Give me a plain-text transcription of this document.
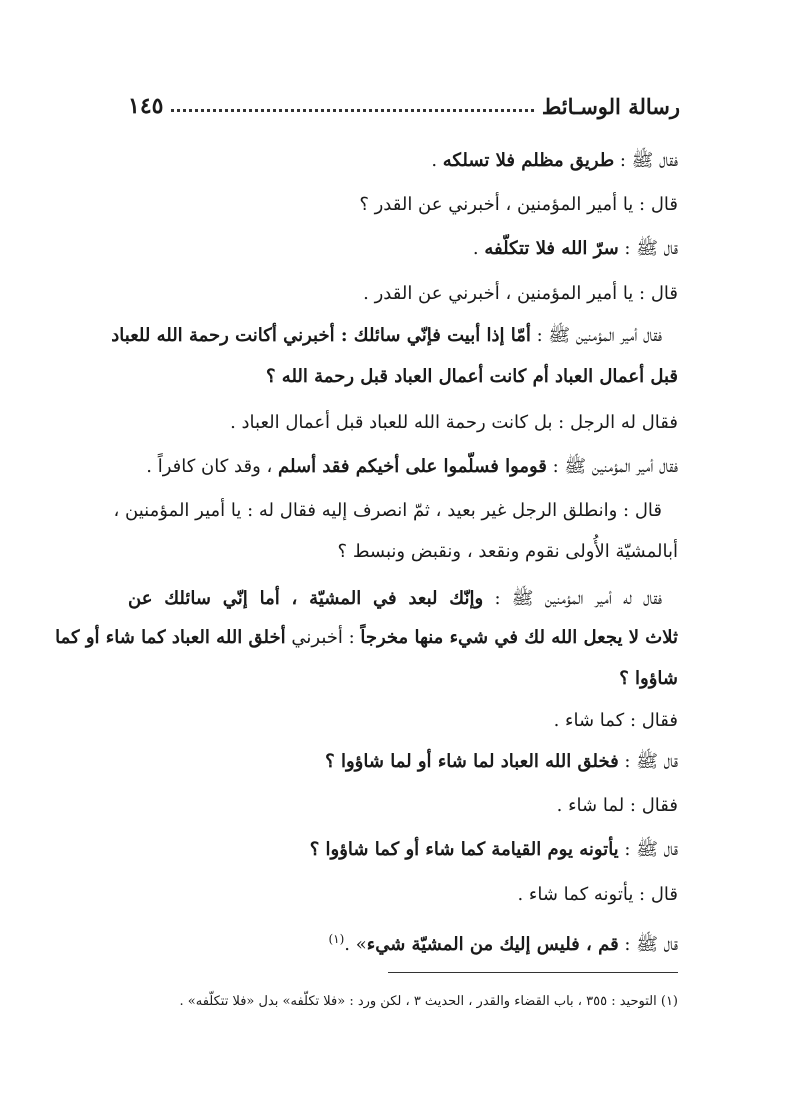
رسالة الوسـائط
١٤٥
فقال ﷺ : طريق مظلم فلا تسلكه .
قال : يا أمير المؤمنين ، أخبرني عن القدر ؟
قال ﷺ : سرّ الله فلا تتكلّفه .
قال : يا أمير المؤمنين ، أخبرني عن القدر .
فقال أمير المؤمنين ﷺ : أمّا إذا أبيت فإنّي سائلك : أخبرني أكانت رحمة الله للعباد
قبل أعمال العباد أم كانت أعمال العباد قبل رحمة الله ؟
فقال له الرجل : بل كانت رحمة الله للعباد قبل أعمال العباد .
فقال أمير المؤمنين ﷺ : قوموا فسلّموا على أخيكم فقد أسلم ، وقد كان كافراً .
قال : وانطلق الرجل غير بعيد ، ثمّ انصرف إليه فقال له : يا أمير المؤمنين ،
أبالمشيّة الأُولى نقوم ونقعد ، ونقبض ونبسط ؟
فقال له أمير المؤمنين ﷺ : وإنّك لبعد في المشيّة ، أما إنّي سائلك عن
ثلاث لا يجعل الله لك في شيء منها مخرجاً : أخبرني أخلق الله العباد كما شاء أو كما
شاؤوا ؟
فقال : كما شاء .
قال ﷺ : فخلق الله العباد لما شاء أو لما شاؤوا ؟
فقال : لما شاء .
قال ﷺ : يأتونه يوم القيامة كما شاء أو كما شاؤوا ؟
قال : يأتونه كما شاء .
قال ﷺ : قم ، فليس إليك من المشيّة شيء» .$^{(١)}$
(١) التوحيد : ٣٥٥ ، باب القضاء والقدر ، الحديث ٣ ، لكن ورد : «فلا تكلّفه» بدل «فلا تتكلّفه» .
